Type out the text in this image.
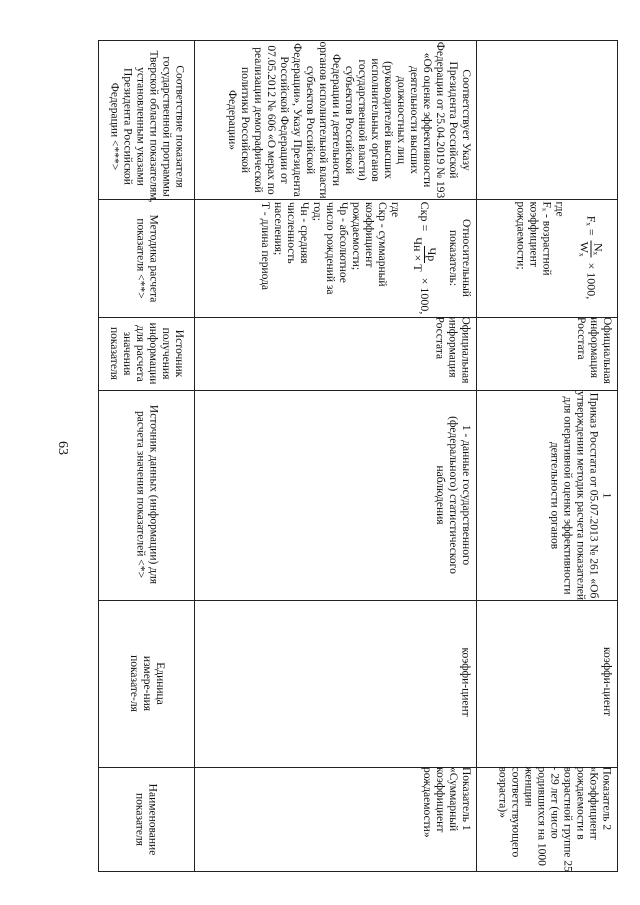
63
Соответствие показателя государственной программы Тверской области показателям, установленным указами Президента Российской Федерации <***>
Методика расчета показателя <**>
Источник получения информации для расчета значения показателя
Источник данных (информации) для расчета значения показателей <*>
Единица измере-ния показате-ля
Наименование показателя
Соответствует Указу Президента Российской Федерации от 25.04.2019 № 193 «Об оценке эффективности деятельности высших должностных лиц (руководителей высших исполнительных органов государственной власти) субъектов Российской Федерации и деятельности органов исполнительной власти субъектов Российской Федерации», Указу Президента Российской Федерации от 07.05.2012 № 606 «О мерах по реализации демографической политики Российской Федерации»
Относительный показатель:
Скр =
Чр
Чн × Т
× 1000,
где
Скр - суммарный коэффициент рождаемости;
Чр - абсолютное число рождений за год;
Чн - средняя численность населения;
Т - длина периода
Официальная информация Росстата
1 - данные государственного (федерального) статистического наблюдения
коэффи-циент
Показатель 1 «Суммарный коэффициент рождаемости»
Fₓ =
Nₓ
Wₓ
× 1000,
где
Fₓ - возрастной коэффициент рождаемости;
Официальная информация Росстата
1
Приказ Росстата от 05.07.2013 № 261 «Об утверждении методик расчета показателей для оперативной оценки эффективности деятельности органов
коэффи-циент
Показатель 2 «Коэффициент рождаемости в возрастной группе 25 - 29 лет (число родившихся на 1000 женщин соответствующего возраста)»
